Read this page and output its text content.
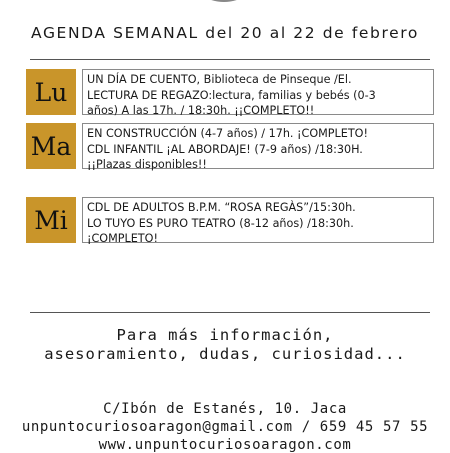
AGENDA SEMANAL del 20 al 22 de febrero
Lu	UN DÍA DE CUENTO, Biblioteca de Pinseque /El.
LECTURA DE REGAZO:lectura, familias y bebés (0-3
años) A las 17h. / 18:30h. ¡¡COMPLETO!!
Ma	EN CONSTRUCCIÓN (4-7 años) / 17h. ¡COMPLETO!
CDL INFANTIL ¡AL ABORDAJE! (7-9 años) /18:30H.
¡¡Plazas disponibles!!
Mi	CDL DE ADULTOS B.P.M. “ROSA REGÀS”/15:30h.
LO TUYO ES PURO TEATRO (8-12 años) /18:30h.
¡COMPLETO!
Para más información,
asesoramiento, dudas, curiosidad...
C/Ibón de Estanés, 10. Jaca
unpuntocuriosoaragon@gmail.com / 659 45 57 55
www.unpuntocuriosoaragon.com
